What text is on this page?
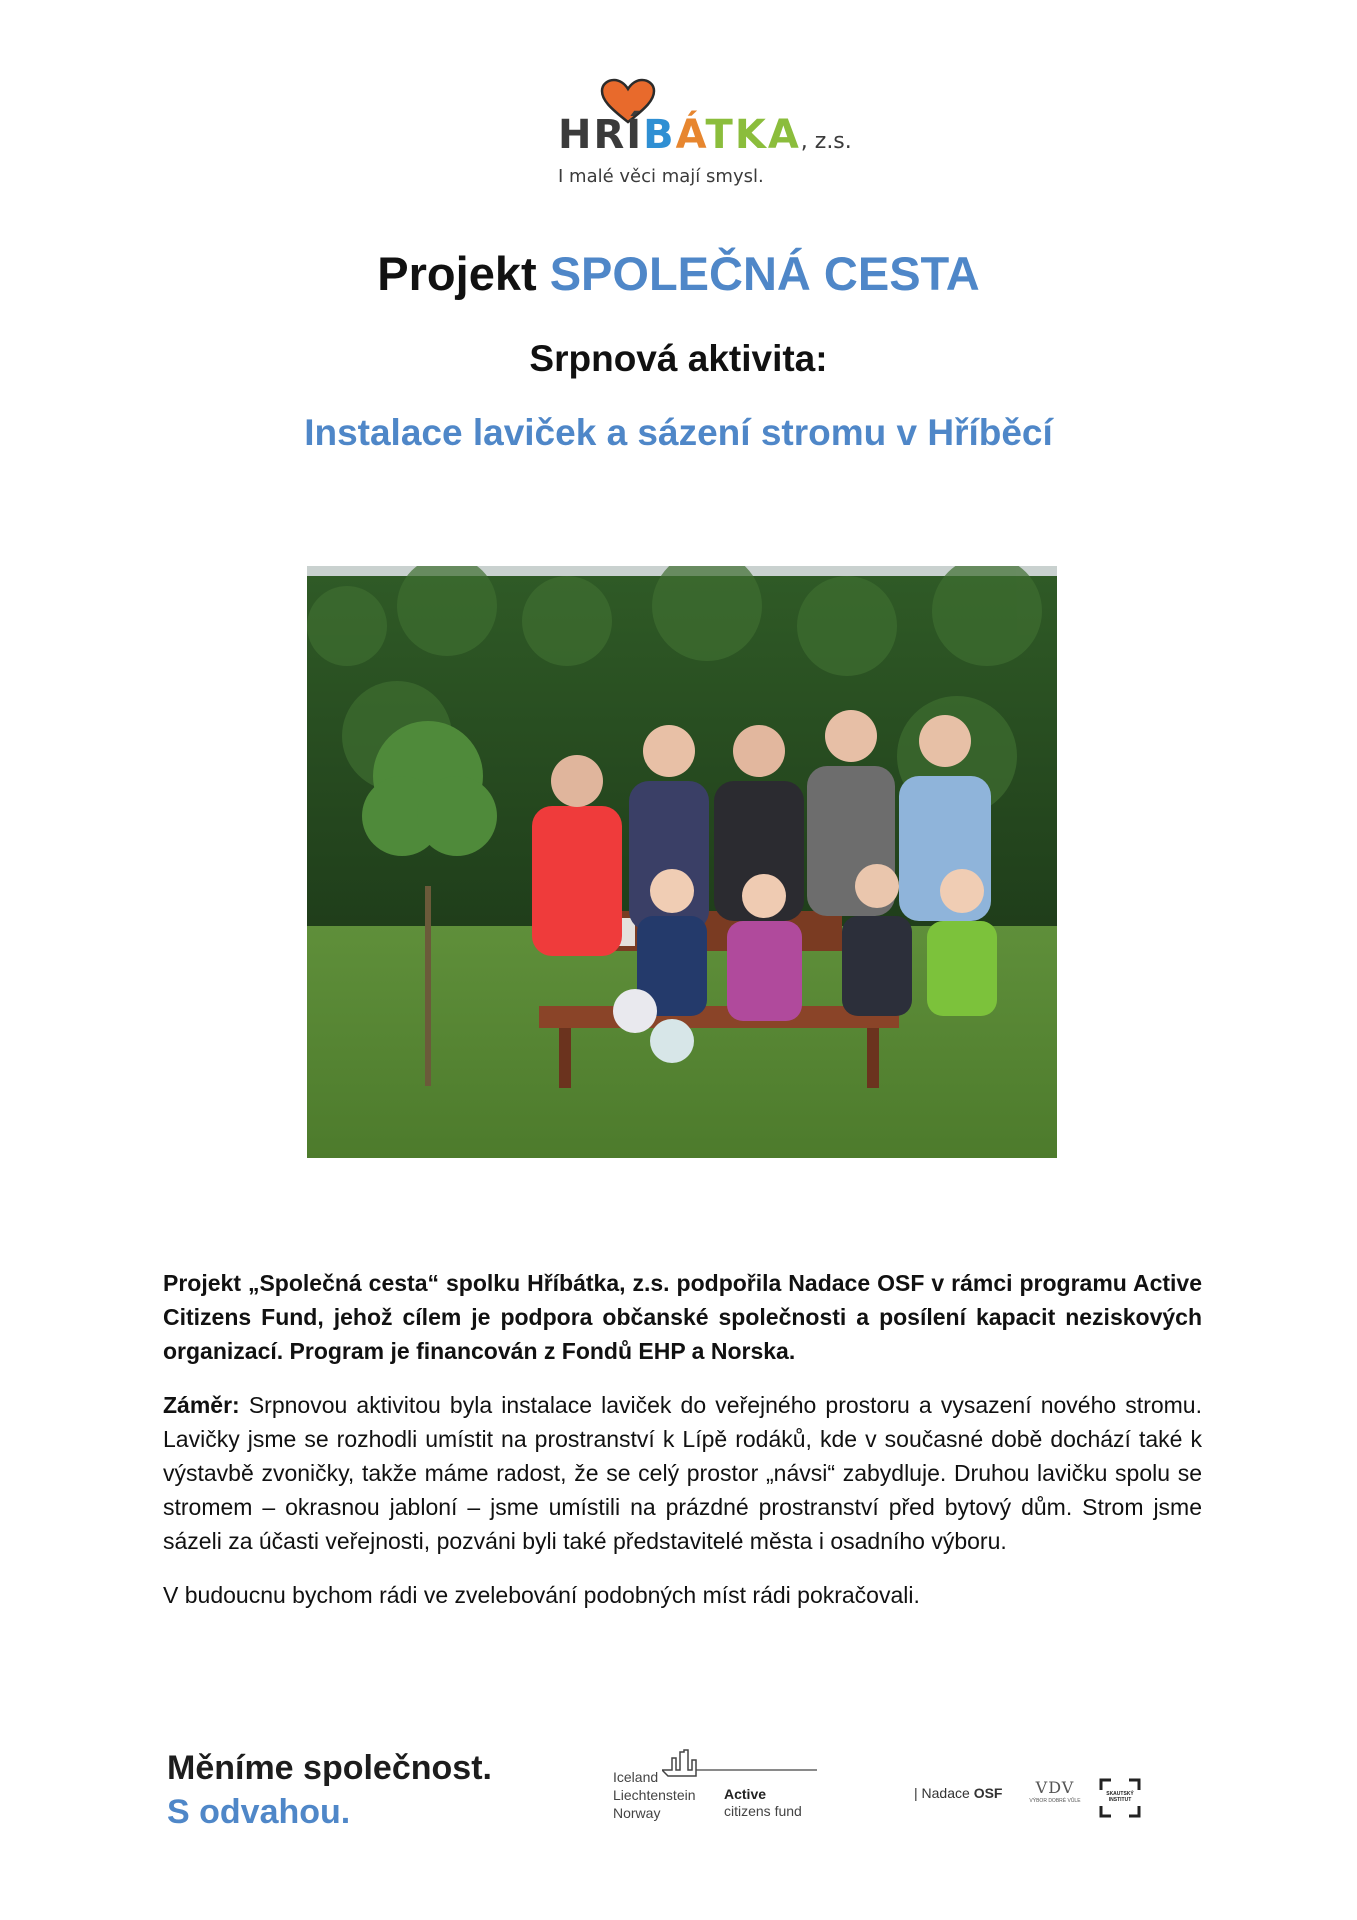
HRÍBÁTKA, z.s.
I malé věci mají smysl.
Projekt SPOLEČNÁ CESTA
Srpnová aktivita:
Instalace laviček a sázení stromu v Hříběcí

Projekt „Společná cesta“ spolku Hříbátka, z.s. podpořila Nadace OSF v rámci programu Active Citizens Fund, jehož cílem je podpora občanské společnosti a posílení kapacit neziskových organizací. Program je financován z Fondů EHP a Norska.

Záměr: Srpnovou aktivitou byla instalace laviček do veřejného prostoru a vysazení nového stromu. Lavičky jsme se rozhodli umístit na prostranství k Lípě rodáků, kde v současné době dochází také k výstavbě zvoničky, takže máme radost, že se celý prostor „návsi“ zabydluje. Druhou lavičku spolu se stromem – okrasnou jabloní – jsme umístili na prázdné prostranství před bytový dům. Strom jsme sázeli za účasti veřejnosti, pozváni byli také představitelé města i osadního výboru.

V budoucnu bychom rádi ve zvelebování podobných míst rádi pokračovali.

Měníme společnost.
S odvahou.
Iceland
Liechtenstein
Norway
Active
citizens fund
| Nadace OSF	VDV
VÝBOR DOBRÉ VŮLE
SKAUTSKÝ INSTITUT
